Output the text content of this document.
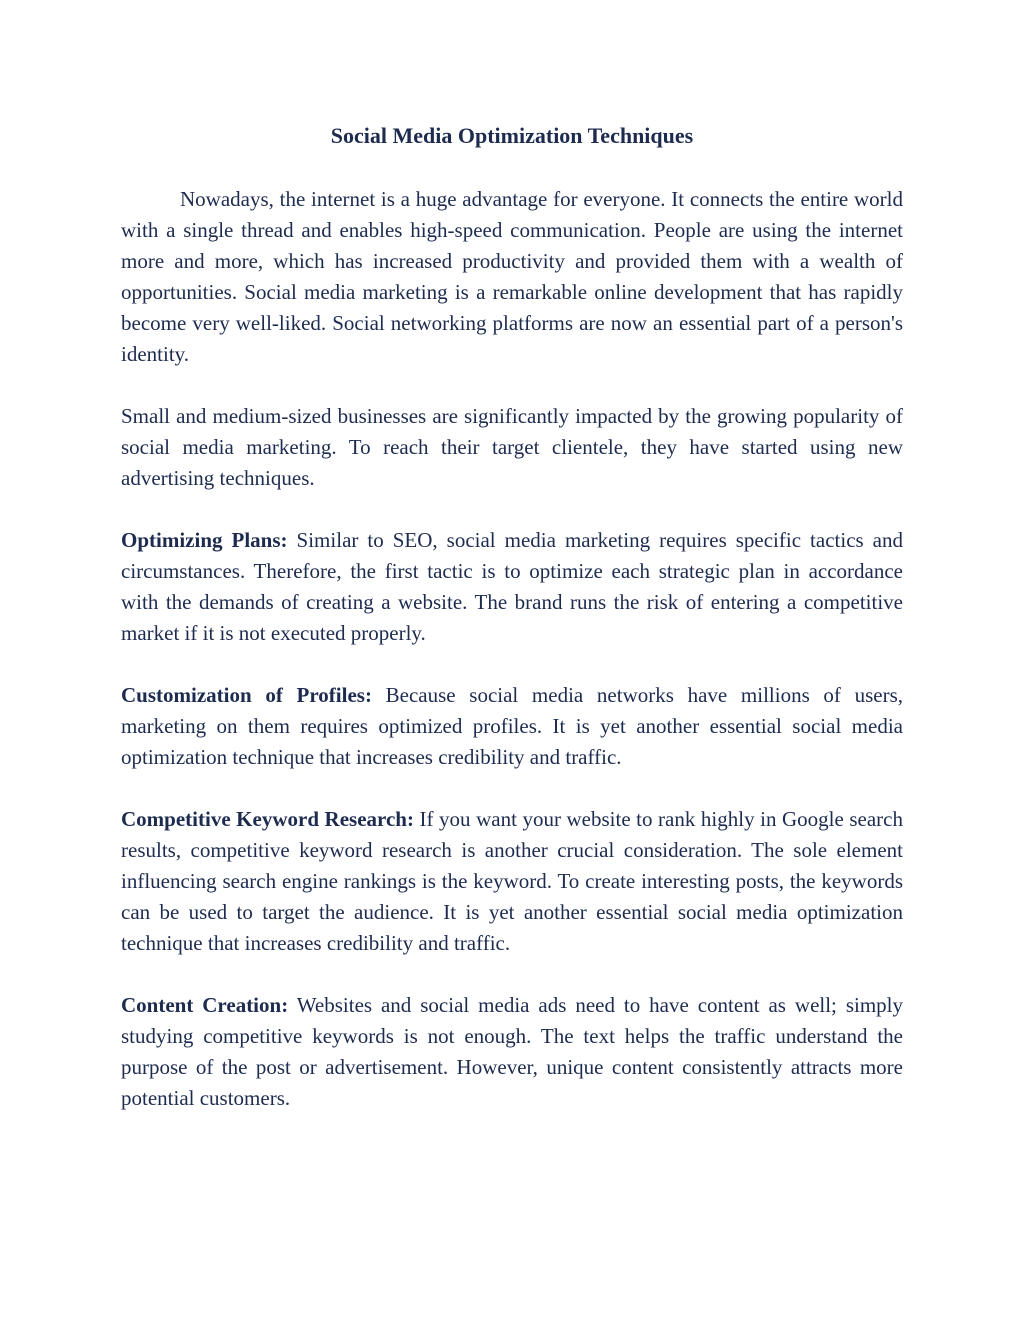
Social Media Optimization Techniques

Nowadays, the internet is a huge advantage for everyone. It connects the entire world with a single thread and enables high-speed communication. People are using the internet more and more, which has increased productivity and provided them with a wealth of opportunities. Social media marketing is a remarkable online development that has rapidly become very well-liked. Social networking platforms are now an essential part of a person's identity.

Small and medium-sized businesses are significantly impacted by the growing popularity of social media marketing. To reach their target clientele, they have started using new advertising techniques.

Optimizing Plans: Similar to SEO, social media marketing requires specific tactics and circumstances. Therefore, the first tactic is to optimize each strategic plan in accordance with the demands of creating a website. The brand runs the risk of entering a competitive market if it is not executed properly.

Customization of Profiles: Because social media networks have millions of users, marketing on them requires optimized profiles. It is yet another essential social media optimization technique that increases credibility and traffic.

Competitive Keyword Research: If you want your website to rank highly in Google search results, competitive keyword research is another crucial consideration. The sole element influencing search engine rankings is the keyword. To create interesting posts, the keywords can be used to target the audience. It is yet another essential social media optimization technique that increases credibility and traffic.

Content Creation: Websites and social media ads need to have content as well; simply studying competitive keywords is not enough. The text helps the traffic understand the purpose of the post or advertisement. However, unique content consistently attracts more potential customers.
